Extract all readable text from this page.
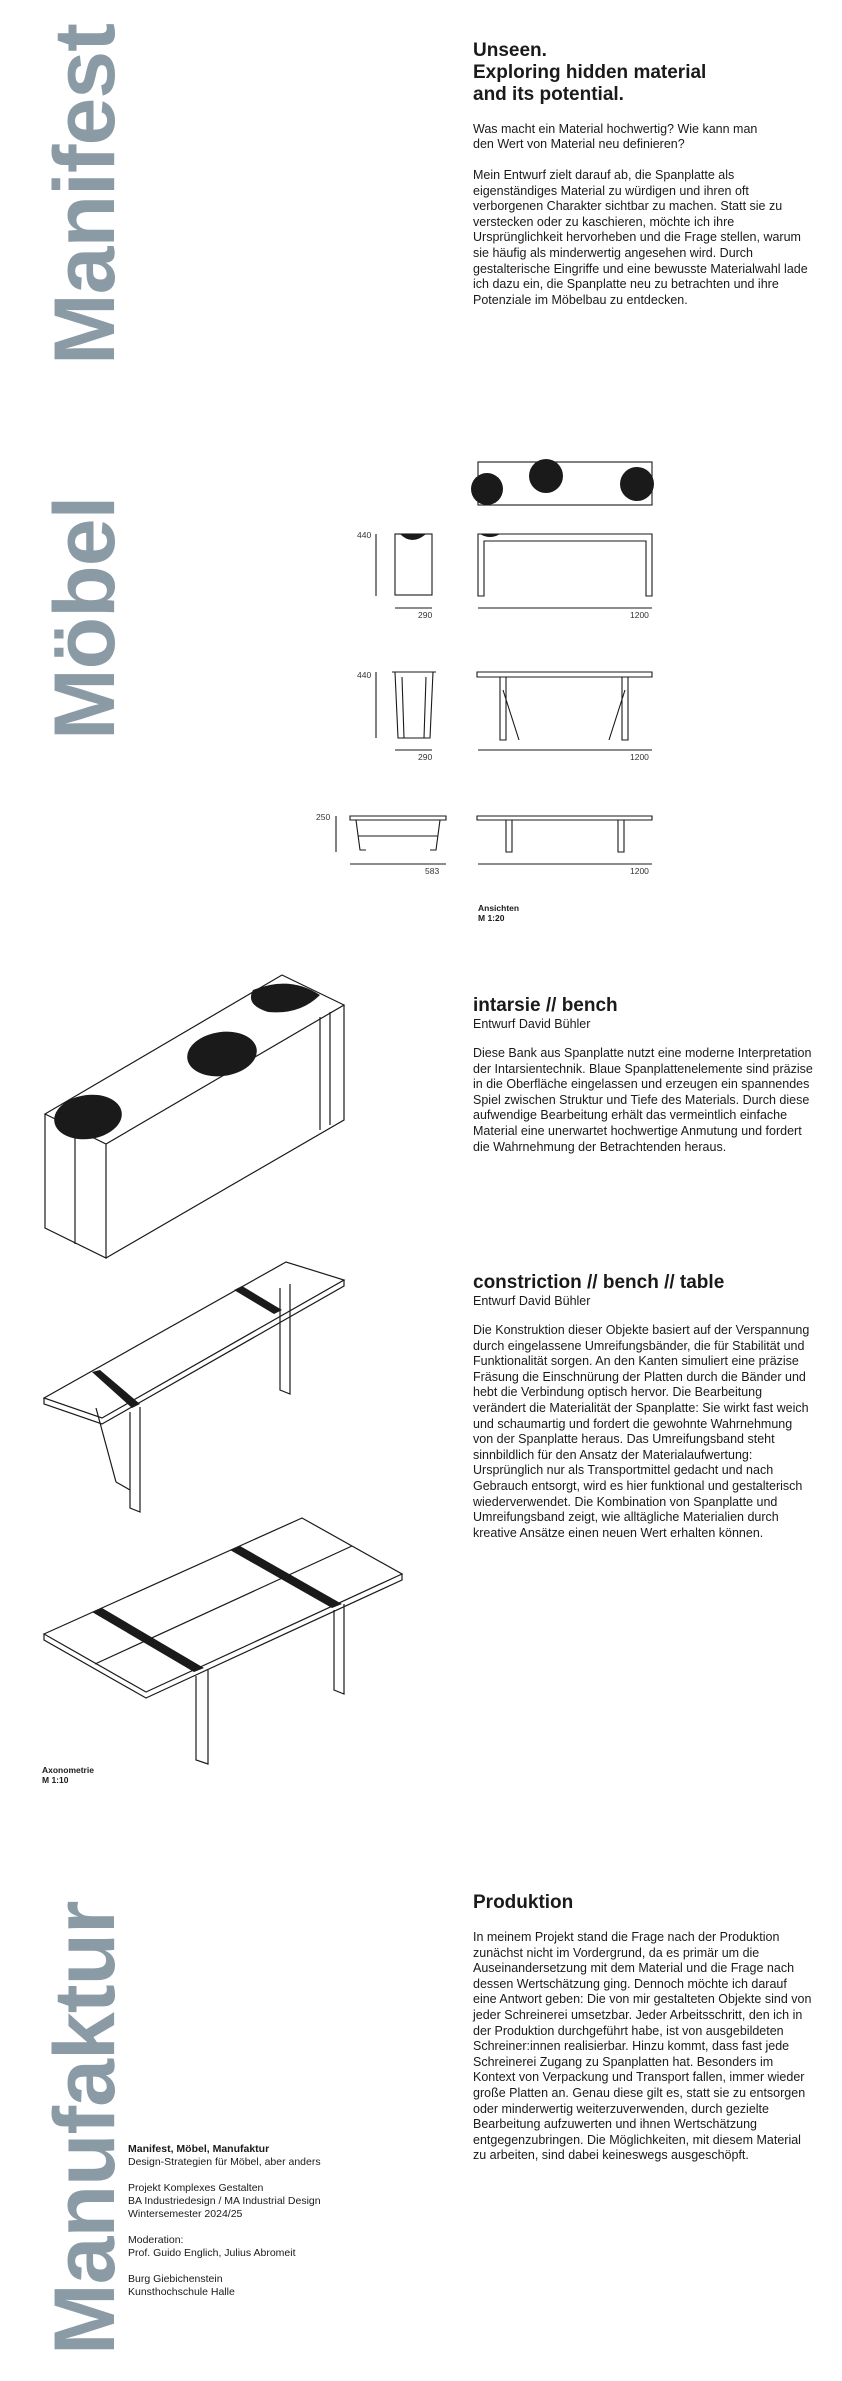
Manifest
Möbel
Manufaktur
Unseen.
Exploring hidden material
and its potential.

Was macht ein Material hochwertig? Wie kann man den Wert von Material neu definieren?

Mein Entwurf zielt darauf ab, die Spanplatte als eigenständiges Material zu würdigen und ihren oft verborgenen Charakter sichtbar zu machen. Statt sie zu verstecken oder zu kaschieren, möchte ich ihre Ursprünglichkeit hervorheben und die Frage stellen, warum sie häufig als minderwertig angesehen wird. Durch gestalterische Eingriffe und eine bewusste Materialwahl lade ich dazu ein, die Spanplatte neu zu betrachten und ihre Potenziale im Möbelbau zu entdecken.

440
290	1200
440
290	1200
250
583	1200
Ansichten
M 1:20
intarsie // bench
Entwurf David Bühler

Diese Bank aus Spanplatte nutzt eine moderne Interpretation der Intarsientechnik. Blaue Spanplattenelemente sind präzise in die Oberfläche eingelassen und erzeugen ein spannendes Spiel zwischen Struktur und Tiefe des Materials. Durch diese aufwendige Bearbeitung erhält das vermeintlich einfache Material eine unerwartet hochwertige Anmutung und fordert die Wahrnehmung der Betrachtenden heraus.

constriction // bench // table
Entwurf David Bühler

Die Konstruktion dieser Objekte basiert auf der Verspannung durch eingelassene Umreifungsbänder, die für Stabilität und Funktionalität sorgen. An den Kanten simuliert eine präzise Fräsung die Einschnürung der Platten durch die Bänder und hebt die Verbindung optisch hervor. Die Bearbeitung verändert die Materialität der Spanplatte: Sie wirkt fast weich und schaumartig und fordert die gewohnte Wahrnehmung von der Spanplatte heraus. Das Umreifungsband steht sinnbildlich für den Ansatz der Materialaufwertung: Ursprünglich nur als Transportmittel gedacht und nach Gebrauch entsorgt, wird es hier funktional und gestalterisch wiederverwendet. Die Kombination von Spanplatte und Umreifungsband zeigt, wie alltägliche Materialien durch kreative Ansätze einen neuen Wert erhalten können.

Axonometrie
M 1:10
Produktion

In meinem Projekt stand die Frage nach der Produktion zunächst nicht im Vordergrund, da es primär um die Auseinandersetzung mit dem Material und die Frage nach dessen Wertschätzung ging. Dennoch möchte ich darauf eine Antwort geben: Die von mir gestalteten Objekte sind von jeder Schreinerei umsetzbar. Jeder Arbeitsschritt, den ich in der Produktion durchgeführt habe, ist von ausgebildeten Schreiner:innen realisierbar. Hinzu kommt, dass fast jede Schreinerei Zugang zu Spanplatten hat. Besonders im Kontext von Verpackung und Transport fallen, immer wieder große Platten an. Genau diese gilt es, statt sie zu entsorgen oder minderwertig weiterzuverwenden, durch gezielte Bearbeitung aufzuwerten und ihnen Wertschätzung entgegenzubringen. Die Möglichkeiten, mit diesem Material zu arbeiten, sind dabei keineswegs ausgeschöpft.

Manifest, Möbel, Manufaktur
Design-Strategien für Möbel, aber anders
Projekt Komplexes Gestalten
BA Industriedesign / MA Industrial Design
Wintersemester 2024/25
Moderation:
Prof. Guido Englich, Julius Abromeit
Burg Giebichenstein
Kunsthochschule Halle
